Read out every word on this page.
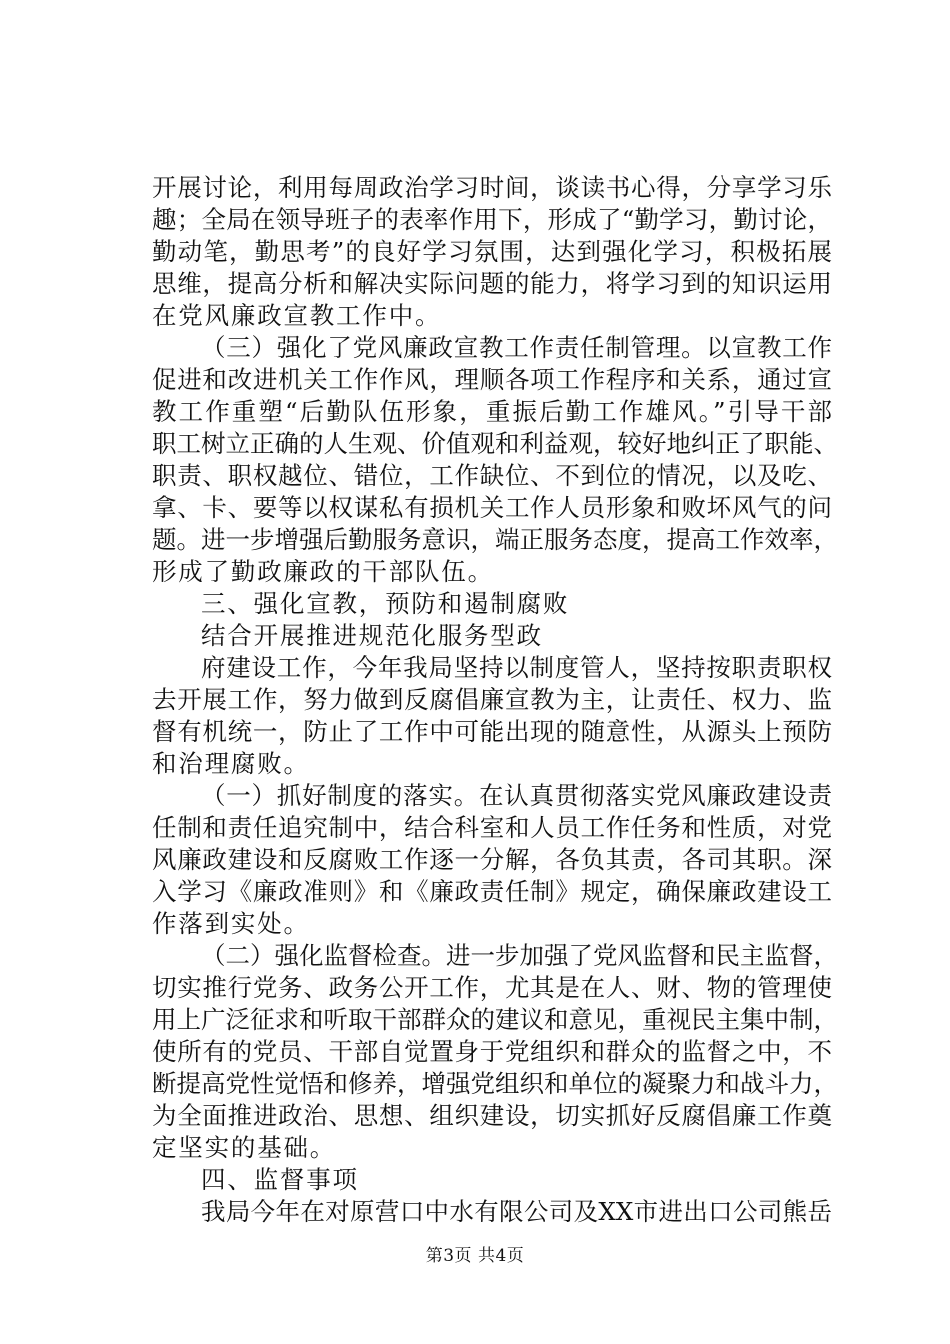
开展讨论，利用每周政治学习时间，谈读书心得，分享学习乐
趣；全局在领导班子的表率作用下，形成了“勤学习，勤讨论，
勤动笔，勤思考”的良好学习氛围，达到强化学习，积极拓展
思维，提高分析和解决实际问题的能力，将学习到的知识运用
在党风廉政宣教工作中。
（三）强化了党风廉政宣教工作责任制管理。以宣教工作
促进和改进机关工作作风，理顺各项工作程序和关系，通过宣
教工作重塑“后勤队伍形象，重振后勤工作雄风。”引导干部
职工树立正确的人生观、价值观和利益观，较好地纠正了职能、
职责、职权越位、错位，工作缺位、不到位的情况，以及吃、
拿、卡、要等以权谋私有损机关工作人员形象和败坏风气的问
题。进一步增强后勤服务意识，端正服务态度，提高工作效率，
形成了勤政廉政的干部队伍。
三、强化宣教，预防和遏制腐败
结合开展推进规范化服务型政
府建设工作，今年我局坚持以制度管人，坚持按职责职权
去开展工作，努力做到反腐倡廉宣教为主，让责任、权力、监
督有机统一，防止了工作中可能出现的随意性，从源头上预防
和治理腐败。
（一）抓好制度的落实。在认真贯彻落实党风廉政建设责
任制和责任追究制中，结合科室和人员工作任务和性质，对党
风廉政建设和反腐败工作逐一分解，各负其责，各司其职。深
入学习《廉政准则》和《廉政责任制》规定，确保廉政建设工
作落到实处。
（二）强化监督检查。进一步加强了党风监督和民主监督，
切实推行党务、政务公开工作，尤其是在人、财、物的管理使
用上广泛征求和听取干部群众的建议和意见，重视民主集中制，
使所有的党员、干部自觉置身于党组织和群众的监督之中，不
断提高党性觉悟和修养，增强党组织和单位的凝聚力和战斗力，
为全面推进政治、思想、组织建设，切实抓好反腐倡廉工作奠
定坚实的基础。
四、监督事项
我局今年在对原营口中水有限公司及XX市进出口公司熊岳
第3页 共4页
